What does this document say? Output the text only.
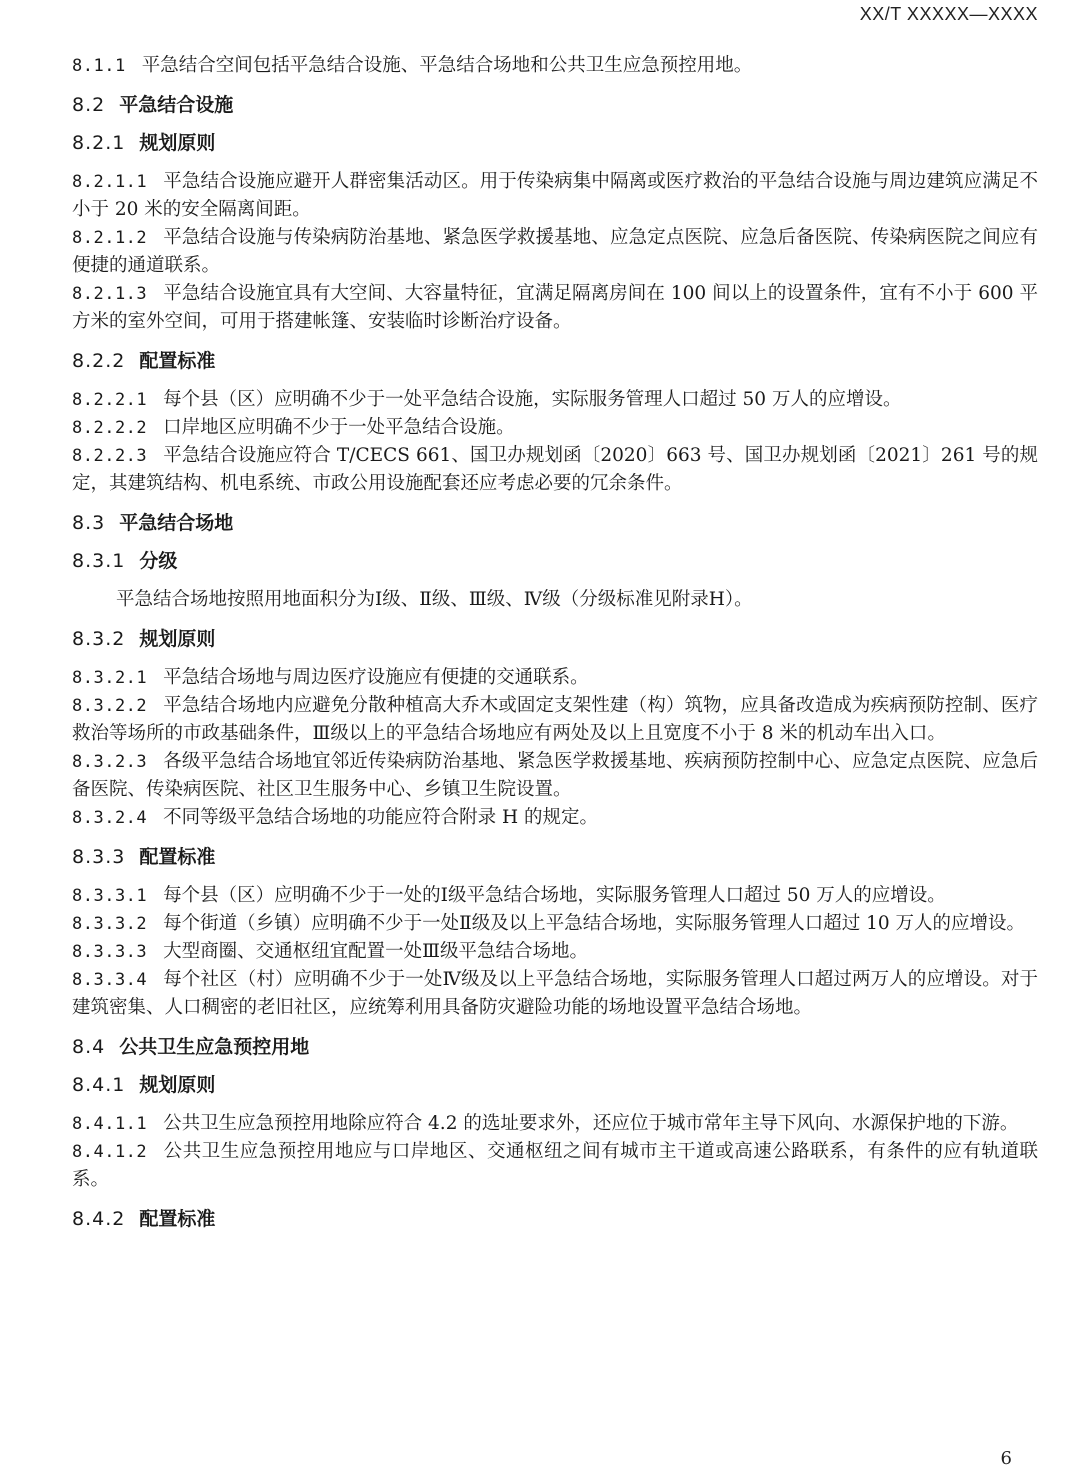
XX/T XXXXX—XXXX
8.1.1 平急结合空间包括平急结合设施、平急结合场地和公共卫生应急预控用地。
8.2 平急结合设施
8.2.1 规划原则
8.2.1.1 平急结合设施应避开人群密集活动区。用于传染病集中隔离或医疗救治的平急结合设施与周边建筑应满足不小于 20 米的安全隔离间距。
8.2.1.2 平急结合设施与传染病防治基地、紧急医学救援基地、应急定点医院、应急后备医院、传染病医院之间应有便捷的通道联系。
8.2.1.3 平急结合设施宜具有大空间、大容量特征，宜满足隔离房间在 100 间以上的设置条件，宜有不小于 600 平方米的室外空间，可用于搭建帐篷、安装临时诊断治疗设备。
8.2.2 配置标准
8.2.2.1 每个县（区）应明确不少于一处平急结合设施，实际服务管理人口超过 50 万人的应增设。
8.2.2.2 口岸地区应明确不少于一处平急结合设施。
8.2.2.3 平急结合设施应符合 T/CECS 661、国卫办规划函〔2020〕663 号、国卫办规划函〔2021〕261 号的规定，其建筑结构、机电系统、市政公用设施配套还应考虑必要的冗余条件。
8.3 平急结合场地
8.3.1 分级
平急结合场地按照用地面积分为Ⅰ级、Ⅱ级、Ⅲ级、Ⅳ级（分级标准见附录H）。
8.3.2 规划原则
8.3.2.1 平急结合场地与周边医疗设施应有便捷的交通联系。
8.3.2.2 平急结合场地内应避免分散种植高大乔木或固定支架性建（构）筑物，应具备改造成为疾病预防控制、医疗救治等场所的市政基础条件，Ⅲ级以上的平急结合场地应有两处及以上且宽度不小于 8 米的机动车出入口。
8.3.2.3 各级平急结合场地宜邻近传染病防治基地、紧急医学救援基地、疾病预防控制中心、应急定点医院、应急后备医院、传染病医院、社区卫生服务中心、乡镇卫生院设置。
8.3.2.4 不同等级平急结合场地的功能应符合附录 H 的规定。
8.3.3 配置标准
8.3.3.1 每个县（区）应明确不少于一处的Ⅰ级平急结合场地，实际服务管理人口超过 50 万人的应增设。
8.3.3.2 每个街道（乡镇）应明确不少于一处Ⅱ级及以上平急结合场地，实际服务管理人口超过 10 万人的应增设。
8.3.3.3 大型商圈、交通枢纽宜配置一处Ⅲ级平急结合场地。
8.3.3.4 每个社区（村）应明确不少于一处Ⅳ级及以上平急结合场地，实际服务管理人口超过两万人的应增设。对于建筑密集、人口稠密的老旧社区，应统筹利用具备防灾避险功能的场地设置平急结合场地。
8.4 公共卫生应急预控用地
8.4.1 规划原则
8.4.1.1 公共卫生应急预控用地除应符合 4.2 的选址要求外，还应位于城市常年主导下风向、水源保护地的下游。
8.4.1.2 公共卫生应急预控用地应与口岸地区、交通枢纽之间有城市主干道或高速公路联系，有条件的应有轨道联系。
8.4.2 配置标准
6
